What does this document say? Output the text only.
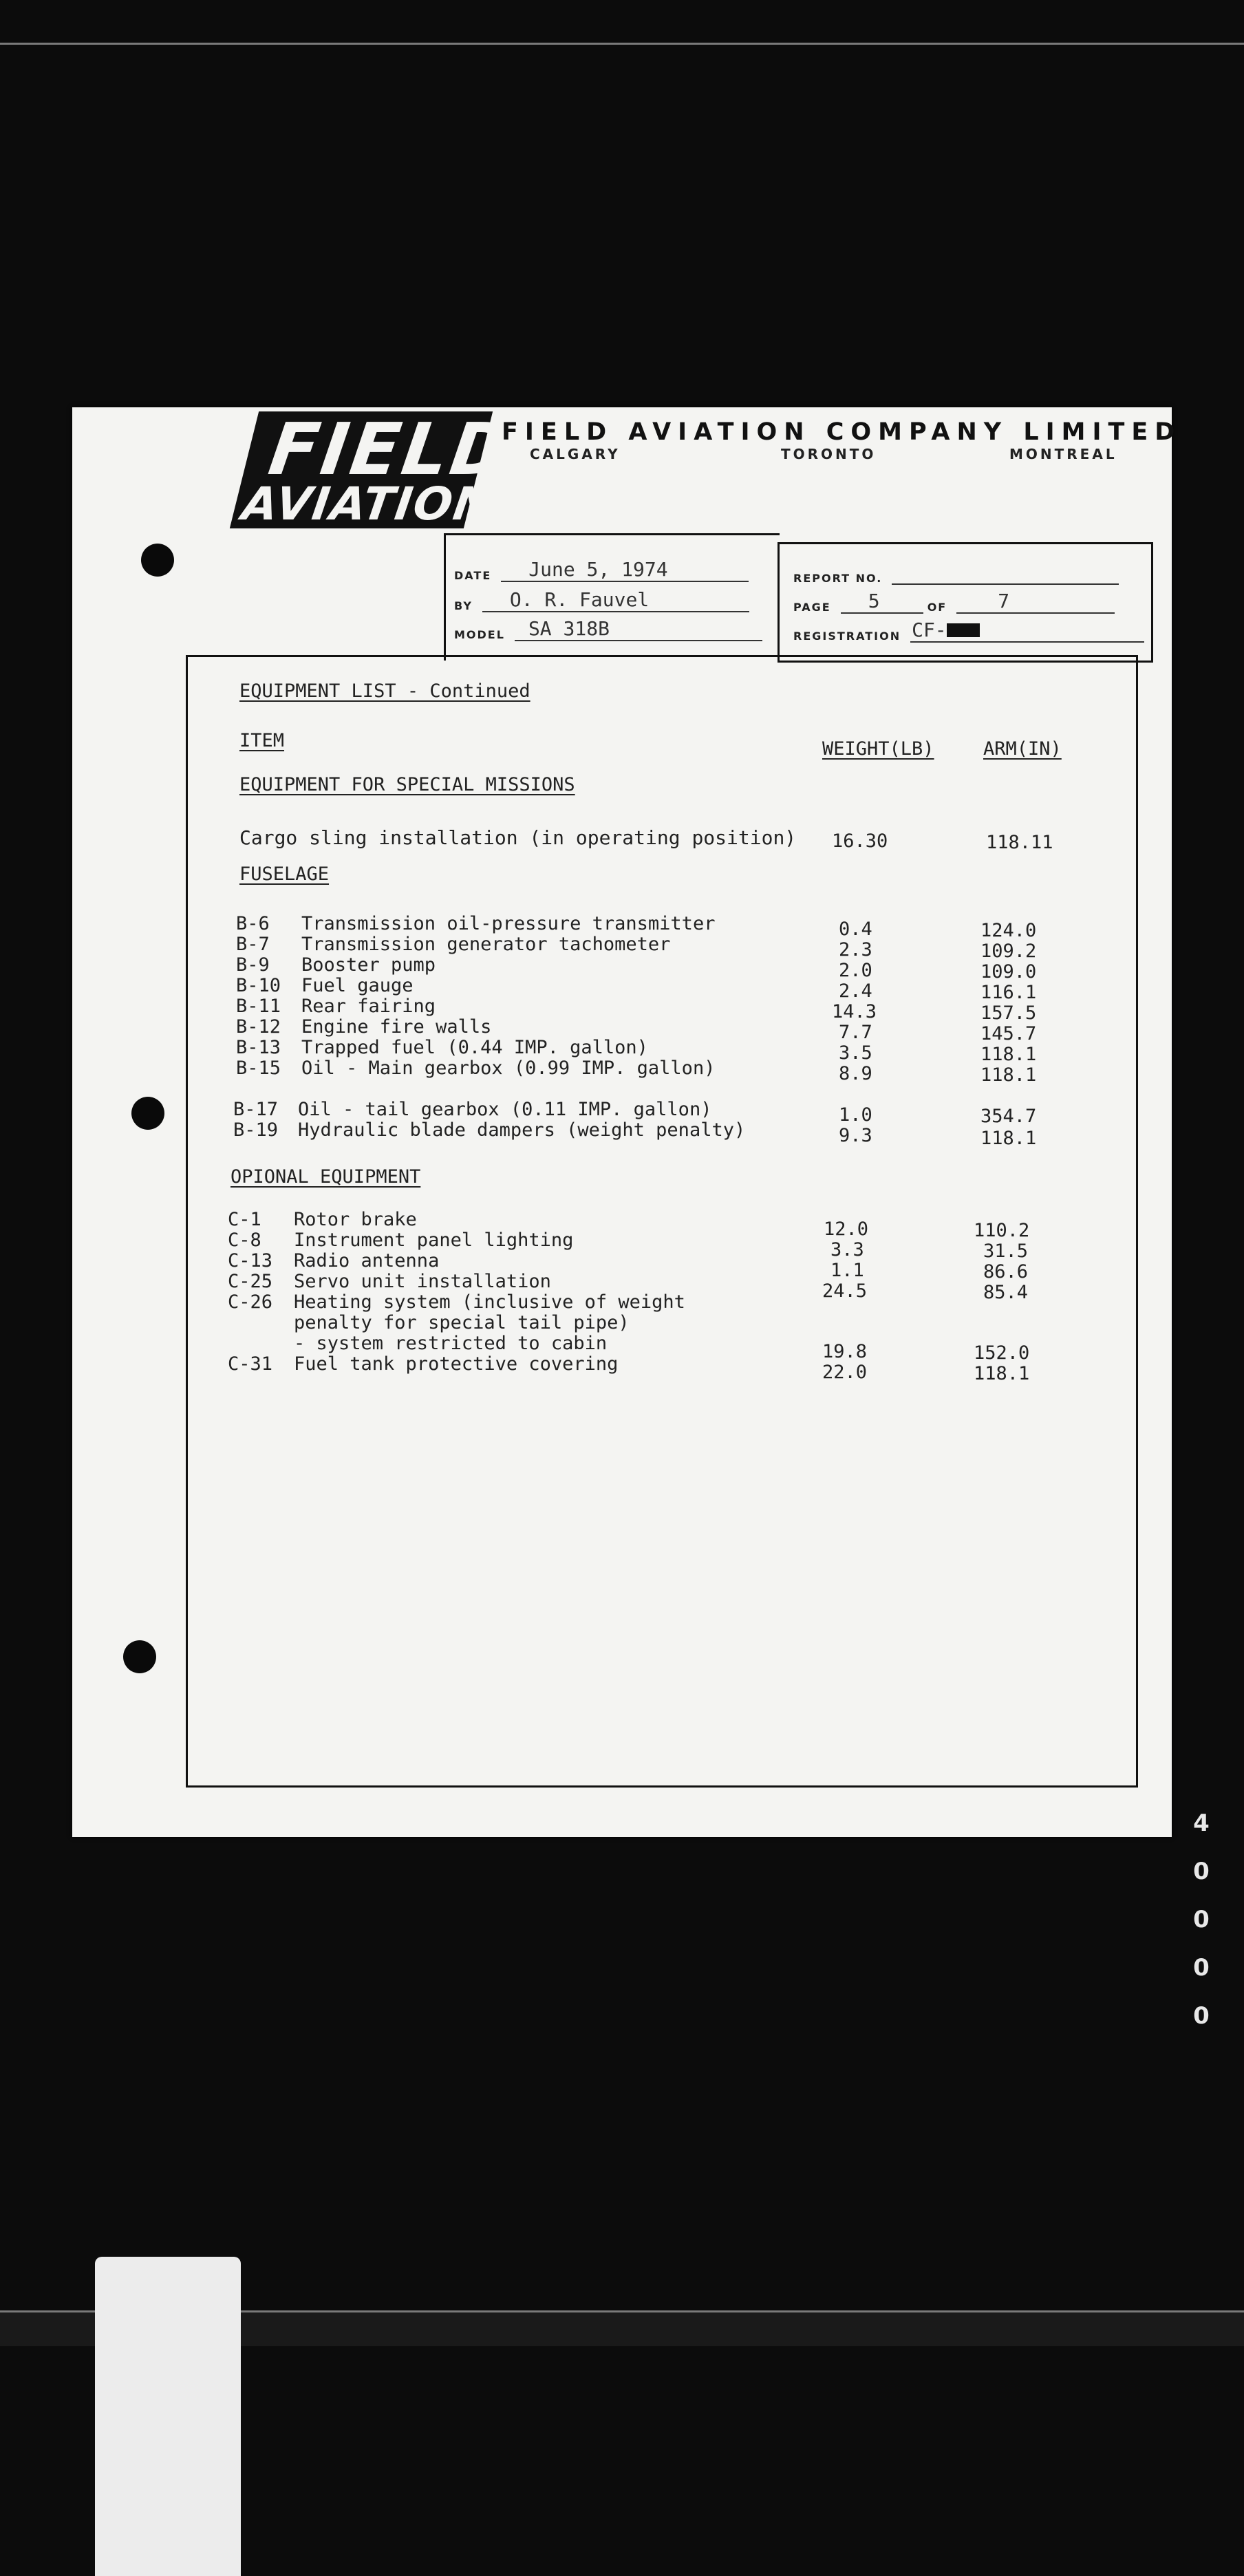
FIELD
AVIATION
FIELD AVIATION COMPANY LIMITED
CALGARY	TORONTO	MONTREAL
DATE	June 5, 1974
BY	O. R. Fauvel
MODEL	SA 318B
REPORT NO.
PAGE	5	OF	7
REGISTRATION CF-
EQUIPMENT LIST - Continued
ITEM	WEIGHT(LB)	ARM(IN)
EQUIPMENT FOR SPECIAL MISSIONS
Cargo sling installation (in operating position) 16.30	118.11
FUSELAGE
B-6 Transmission oil-pressure transmitter	0.4	124.0
B-7 Transmission generator tachometer	2.3	109.2
B-9 Booster pump	2.0	109.0
B-10 Fuel gauge	2.4	116.1
B-11 Rear fairing	14.3	157.5
B-12 Engine fire walls	7.7	145.7
B-13 Trapped fuel (0.44 IMP. gallon)	3.5	118.1
B-15 Oil - Main gearbox (0.99 IMP. gallon)	8.9	118.1
B-17 Oil - tail gearbox (0.11 IMP. gallon)	1.0	354.7
B-19 Hydraulic blade dampers (weight penalty)	9.3	118.1
OPIONAL EQUIPMENT
C-1 Rotor brake	12.0	110.2
C-8 Instrument panel lighting	3.3	31.5
C-13 Radio antenna	1.1	86.6
C-25 Servo unit installation	24.5	85.4
C-26 Heating system (inclusive of weight
penalty for special tail pipe)
- system restricted to cabin	19.8	152.0
C-31 Fuel tank protective covering	22.0	118.1
4
0
0
0
0
